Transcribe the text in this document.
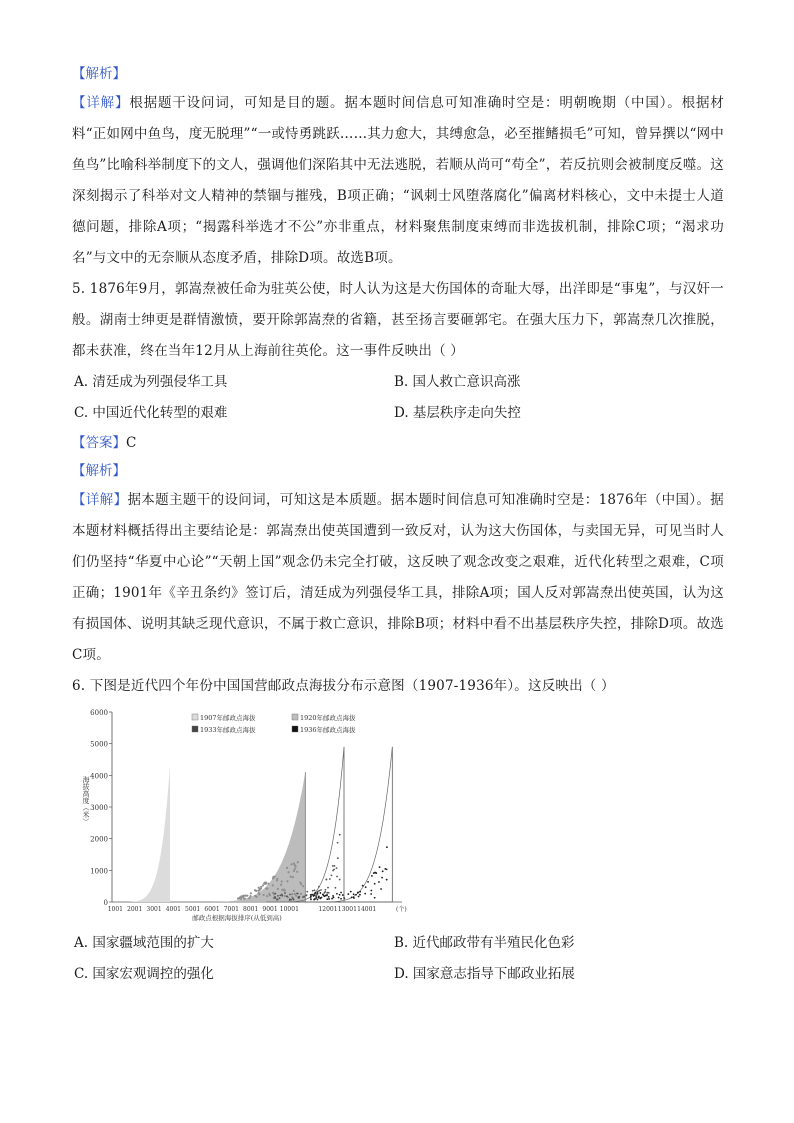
【解析】

【详解】根据题干设问词，可知是目的题。据本题时间信息可知准确时空是：明朝晚期（中国）。根据材料“正如网中鱼鸟，度无脱理”“一或恃勇跳跃……其力愈大，其缚愈急，必至摧鳍损毛”可知，曾异撰以“网中鱼鸟”比喻科举制度下的文人，强调他们深陷其中无法逃脱，若顺从尚可“苟全”，若反抗则会被制度反噬。这深刻揭示了科举对文人精神的禁锢与摧残，B项正确；“讽刺士风堕落腐化”偏离材料核心，文中未提士人道德问题，排除A项；“揭露科举选才不公”亦非重点，材料聚焦制度束缚而非选拔机制，排除C项；“渴求功名”与文中的无奈顺从态度矛盾，排除D项。故选B项。

5. 1876年9月，郭嵩焘被任命为驻英公使，时人认为这是大伤国体的奇耻大辱，出洋即是“事鬼”，与汉奸一般。湖南士绅更是群情激愤，要开除郭嵩焘的省籍，甚至扬言要砸郭宅。在强大压力下，郭嵩焘几次推脱，都未获准，终在当年12月从上海前往英伦。这一事件反映出（ ）

A. 清廷成为列强侵华工具	B. 国人救亡意识高涨
C. 中国近代化转型的艰难	D. 基层秩序走向失控
【答案】C
【解析】

【详解】据本题主题干的设问词，可知这是本质题。据本题时间信息可知准确时空是：1876年（中国）。据本题材料概括得出主要结论是：郭嵩焘出使英国遭到一致反对，认为这大伤国体，与卖国无异，可见当时人们仍坚持“华夏中心论”“天朝上国”观念仍未完全打破，这反映了观念改变之艰难，近代化转型之艰难，C项正确；1901年《辛丑条约》签订后，清廷成为列强侵华工具，排除A项；国人反对郭嵩焘出使英国，认为这有损国体、说明其缺乏现代意识，不属于救亡意识，排除B项；材料中看不出基层秩序失控，排除D项。故选C项。

6. 下图是近代四个年份中国国营邮政点海拔分布示意图（1907-1936年）。这反映出（ ）

0
1000
2000
3000
4000
5000
6000
海拔高度（米）
1001 2001 3001 4001 5001 6001 7001 8001 9001 10001	12001 13001 14001	(个)
邮政点根据海拔排序(从低到高)
1907年邮政点海拔	1920年邮政点海拔
1933年邮政点海拔	1936年邮政点海拔
A. 国家疆域范围的扩大	B. 近代邮政带有半殖民化色彩
C. 国家宏观调控的强化	D. 国家意志指导下邮政业拓展
